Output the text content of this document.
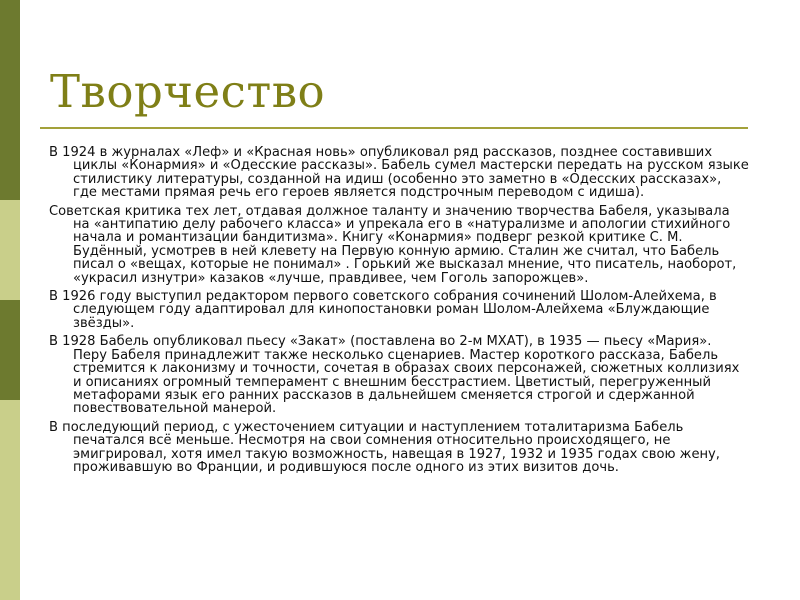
Творчество

В 1924 в журналах «Леф» и «Красная новь» опубликовал ряд рассказов, позднее составивших циклы «Конармия» и «Одесские рассказы». Бабель сумел мастерски передать на русском языке стилистику литературы, созданной на идиш (особенно это заметно в «Одесских рассказах», где местами прямая речь его героев является подстрочным переводом с идиша).

Советская критика тех лет, отдавая должное таланту и значению творчества Бабеля, указывала на «антипатию делу рабочего класса» и упрекала его в «натурализме и апологии стихийного начала и романтизации бандитизма». Книгу «Конармия» подверг резкой критике С. М. Будённый, усмотрев в ней клевету на Первую конную армию. Сталин же считал, что Бабель писал о «вещах, которые не понимал» . Горький же высказал мнение, что писатель, наоборот, «украсил изнутри» казаков «лучше, правдивее, чем Гоголь запорожцев».

В 1926 году выступил редактором первого советского собрания сочинений Шолом-Алейхема, в следующем году адаптировал для кинопостановки роман Шолом-Алейхема «Блуждающие звёзды».

В 1928 Бабель опубликовал пьесу «Закат» (поставлена во 2-м МХАТ), в 1935 — пьесу «Мария». Перу Бабеля принадлежит также несколько сценариев. Мастер короткого рассказа, Бабель стремится к лаконизму и точности, сочетая в образах своих персонажей, сюжетных коллизиях и описаниях огромный темперамент с внешним бесстрастием. Цветистый, перегруженный метафорами язык его ранних рассказов в дальнейшем сменяется строгой и сдержанной повествовательной манерой.

В последующий период, с ужесточением ситуации и наступлением тоталитаризма Бабель печатался всё меньше. Несмотря на свои сомнения относительно происходящего, не эмигрировал, хотя имел такую возможность, навещая в 1927, 1932 и 1935 годах свою жену, проживавшую во Франции, и родившуюся после одного из этих визитов дочь.
